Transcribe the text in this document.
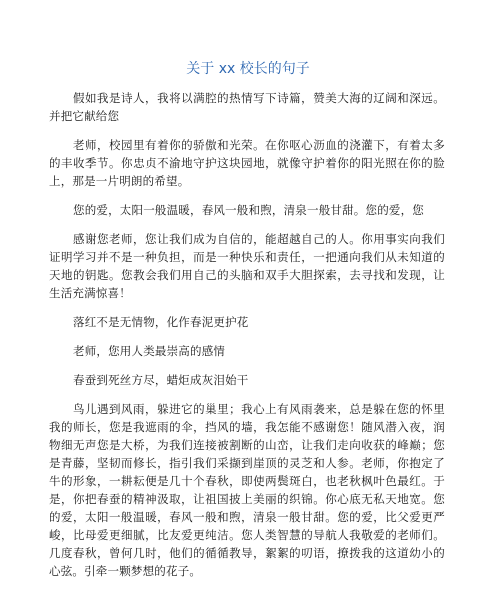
关于 xx 校长的句子

假如我是诗人，我将以满腔的热情写下诗篇，赞美大海的辽阔和深远。并把它献给您

老师，校园里有着你的骄傲和光荣。在你呕心沥血的浇灌下，有着太多的丰收季节。你忠贞不渝地守护这块园地，就像守护着你的阳光照在你的脸上，那是一片明朗的希望。

您的爱，太阳一般温暖，春风一般和煦，清泉一般甘甜。您的爱，您

感谢您老师，您让我们成为自信的，能超越自己的人。你用事实向我们证明学习并不是一种负担，而是一种快乐和责任，一把通向我们从未知道的天地的钥匙。您教会我们用自己的头脑和双手大胆探索，去寻找和发现，让生活充满惊喜！

落红不是无情物，化作春泥更护花

老师，您用人类最崇高的感情

春蚕到死丝方尽，蜡炬成灰泪始干

鸟儿遇到风雨，躲进它的巢里；我心上有风雨袭来，总是躲在您的怀里我的师长，您是我遮雨的伞，挡风的墙，我怎能不感谢您！随风潜入夜，润物细无声您是大桥，为我们连接被割断的山峦，让我们走向收获的峰巅；您是青藤，坚韧而修长，指引我们采撷到崖顶的灵芝和人参。老师，你抱定了牛的形象，一耕耘便是几十个春秋，即使两鬓斑白，也老秋枫叶色最红。于是，你把春蚕的精神汲取，让祖国披上美丽的织锦。你心底无私天地宽。您的爱，太阳一般温暖，春风一般和煦，清泉一般甘甜。您的爱，比父爱更严峻，比母爱更细腻，比友爱更纯洁。您人类智慧的导航人我敬爱的老师们。几度春秋，曾何几时，他们的循循教导，絮絮的叨语，撩拨我的这道幼小的心弦。引牵一颗梦想的花子。
